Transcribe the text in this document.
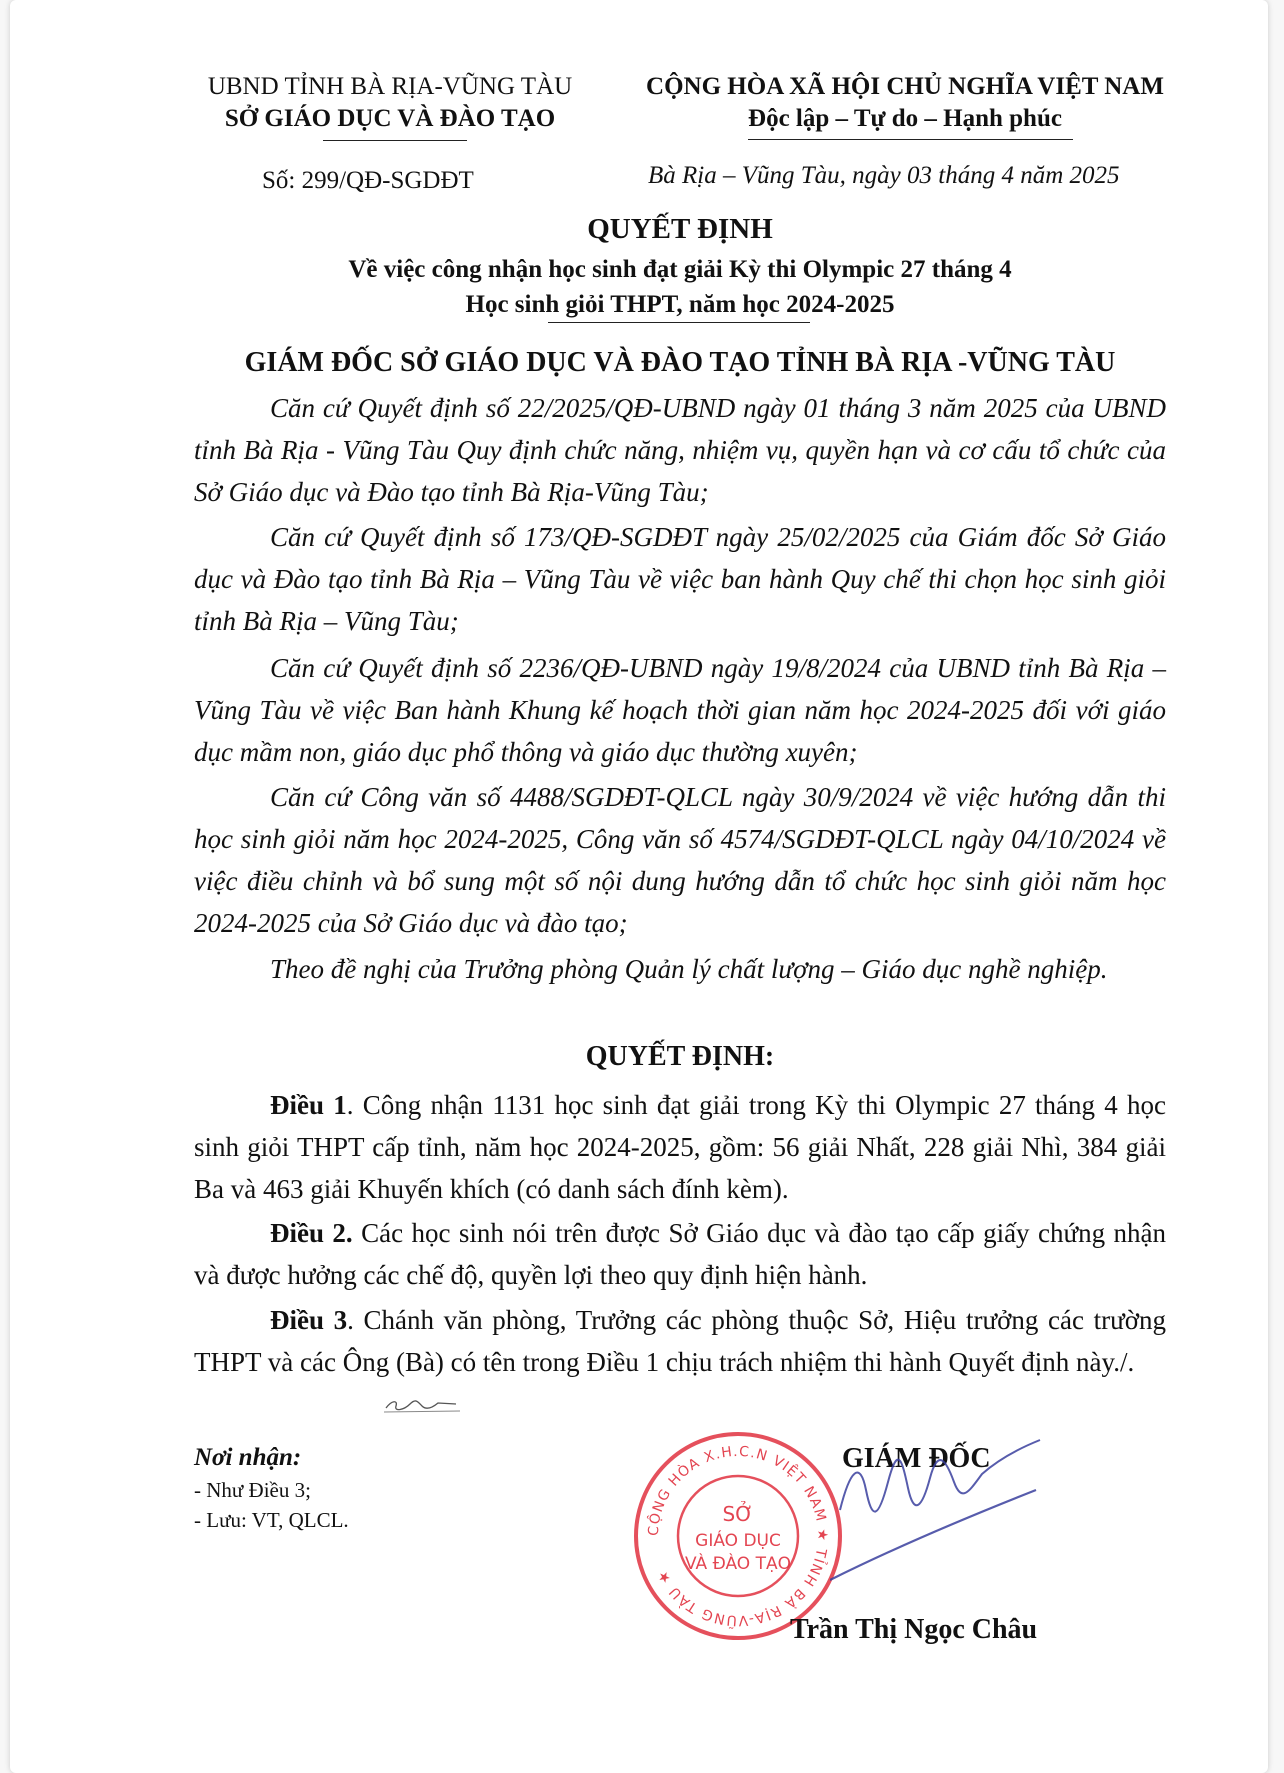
UBND TỈNH BÀ RỊA-VŨNG TÀU
SỞ GIÁO DỤC VÀ ĐÀO TẠO
CỘNG HÒA XÃ HỘI CHỦ NGHĨA VIỆT NAM
Độc lập – Tự do – Hạnh phúc
Số: 299/QĐ-SGDĐT	Bà Rịa – Vũng Tàu, ngày 03 tháng 4 năm 2025
QUYẾT ĐỊNH
Về việc công nhận học sinh đạt giải Kỳ thi Olympic 27 tháng 4
Học sinh giỏi THPT, năm học 2024-2025
GIÁM ĐỐC SỞ GIÁO DỤC VÀ ĐÀO TẠO TỈNH BÀ RỊA -VŨNG TÀU

Căn cứ Quyết định số 22/2025/QĐ-UBND ngày 01 tháng 3 năm 2025 của UBND tỉnh Bà Rịa - Vũng Tàu Quy định chức năng, nhiệm vụ, quyền hạn và cơ cấu tổ chức của Sở Giáo dục và Đào tạo tỉnh Bà Rịa-Vũng Tàu;

Căn cứ Quyết định số 173/QĐ-SGDĐT ngày 25/02/2025 của Giám đốc Sở Giáo dục và Đào tạo tỉnh Bà Rịa – Vũng Tàu về việc ban hành Quy chế thi chọn học sinh giỏi tỉnh Bà Rịa – Vũng Tàu;

Căn cứ Quyết định số 2236/QĐ-UBND ngày 19/8/2024 của UBND tỉnh Bà Rịa – Vũng Tàu về việc Ban hành Khung kế hoạch thời gian năm học 2024-2025 đối với giáo dục mầm non, giáo dục phổ thông và giáo dục thường xuyên;

Căn cứ Công văn số 4488/SGDĐT-QLCL ngày 30/9/2024 về việc hướng dẫn thi học sinh giỏi năm học 2024-2025, Công văn số 4574/SGDĐT-QLCL ngày 04/10/2024 về việc điều chỉnh và bổ sung một số nội dung hướng dẫn tổ chức học sinh giỏi năm học 2024-2025 của Sở Giáo dục và đào tạo;

Theo đề nghị của Trưởng phòng Quản lý chất lượng – Giáo dục nghề nghiệp.

QUYẾT ĐỊNH:

Điều 1. Công nhận 1131 học sinh đạt giải trong Kỳ thi Olympic 27 tháng 4 học sinh giỏi THPT cấp tỉnh, năm học 2024-2025, gồm: 56 giải Nhất, 228 giải Nhì, 384 giải Ba và 463 giải Khuyến khích (có danh sách đính kèm).

Điều 2. Các học sinh nói trên được Sở Giáo dục và đào tạo cấp giấy chứng nhận và được hưởng các chế độ, quyền lợi theo quy định hiện hành.

Điều 3. Chánh văn phòng, Trưởng các phòng thuộc Sở, Hiệu trưởng các trường THPT và các Ông (Bà) có tên trong Điều 1 chịu trách nhiệm thi hành Quyết định này./.

Nơi nhận:
- Như Điều 3;
- Lưu: VT, QLCL.
GIÁM ĐỐC
CỘNG HÒA X.H.C.N VIỆT NAM ★ TỈNH BÀ RỊA-VŨNG TÀU ★
SỞ
GIÁO DỤC
VÀ ĐÀO TẠO
Trần Thị Ngọc Châu
